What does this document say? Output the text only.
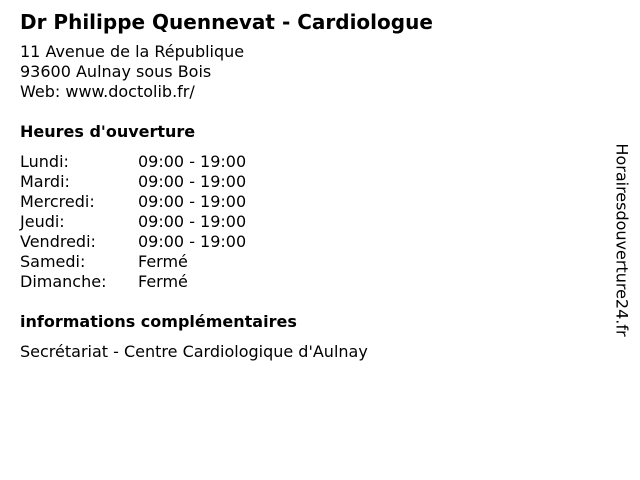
Dr Philippe Quennevat - Cardiologue
11 Avenue de la République
93600 Aulnay sous Bois
Web: www.doctolib.fr/
Heures d'ouverture
Lundi:	09:00 - 19:00
Mardi:	09:00 - 19:00
Mercredi:	09:00 - 19:00
Jeudi:	09:00 - 19:00
Vendredi:	09:00 - 19:00
Samedi:	Fermé
Dimanche:	Fermé
informations complémentaires
Secrétariat - Centre Cardiologique d'Aulnay
Horairesdouverture24.fr
